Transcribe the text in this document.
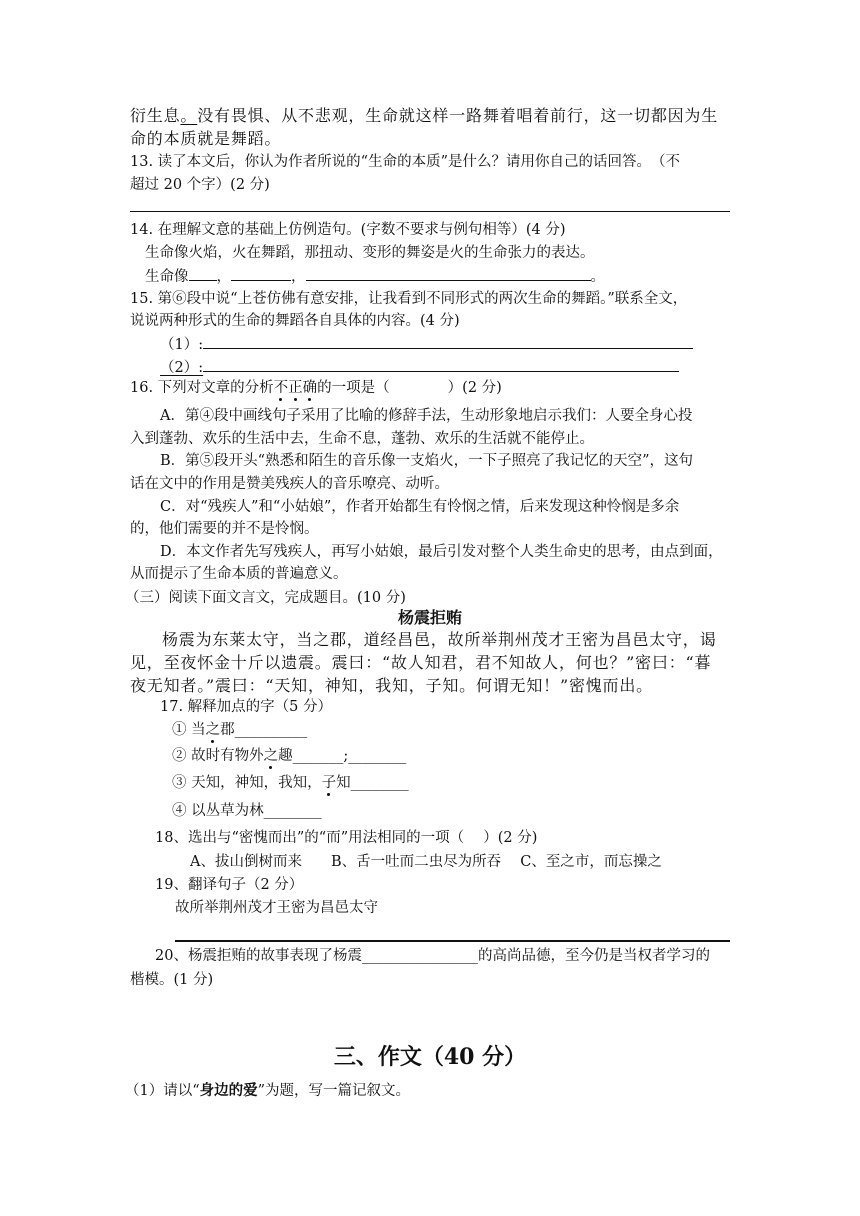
衍生息。没有畏惧、从不悲观，生命就这样一路舞着唱着前行，这一切都因为生
命的本质就是舞蹈。
13. 读了本文后，你认为作者所说的“生命的本质”是什么？请用你自己的话回答。　（不
超过 20 个字）(2 分)
14. 在理解文意的基础上仿例造句。(字数不要求与例句相等）(4 分)
生命像火焰，火在舞蹈，那扭动、变形的舞姿是火的生命张力的表达。
生命像 ，	，	。
15. 第⑥段中说“上苍仿佛有意安排，让我看到不同形式的两次生命的舞蹈。”联系全文，
说说两种形式的生命的舞蹈各自具体的内容。(4 分)
（1）:
（2）:
16. 下列对文章的分析不正确的一项是（　　　　）(2 分)
A．第④段中画线句子采用了比喻的修辞手法，生动形象地启示我们：人要全身心投
入到蓬勃、欢乐的生活中去，生命不息，蓬勃、欢乐的生活就不能停止。
B．第⑤段开头“熟悉和陌生的音乐像一支焰火，一下子照亮了我记忆的天空”，这句
话在文中的作用是赞美残疾人的音乐嘹亮、动听。
C．对“残疾人”和“小姑娘”，作者开始都生有怜悯之情，后来发现这种怜悯是多余
的，他们需要的并不是怜悯。
D．本文作者先写残疾人，再写小姑娘，最后引发对整个人类生命史的思考，由点到面，
从而提示了生命本质的普遍意义。
（三）阅读下面文言文，完成题目。(10 分)
杨震拒贿
杨震为东莱太守，当之郡，道经昌邑，故所举荆州茂才王密为昌邑太守，谒
见，至夜怀金十斤以遗震。震曰：“故人知君，君不知故人，何也？”密曰：“暮
夜无知者。”震曰：“天知，神知，我知，子知。何谓无知！”密愧而出。
17. 解释加点的字（5 分）
① 当之郡__________
② 故时有物外之趣_______;________
③ 天知，神知，我知，子知________
④ 以丛草为林________
18、选出与“密愧而出”的“而”用法相同的一项（　 ）(2 分)
A、拔山倒树而来　　B、舌一吐而二虫尽为所吞　 C、至之市，而忘操之
19、翻译句子（2 分）
故所举荆州茂才王密为昌邑太守
20、杨震拒贿的故事表现了杨震________________的高尚品德，至今仍是当权者学习的
楷模。(1 分)
三、作文（40 分）
（1）请以“身边的爱”为题，写一篇记叙文。
